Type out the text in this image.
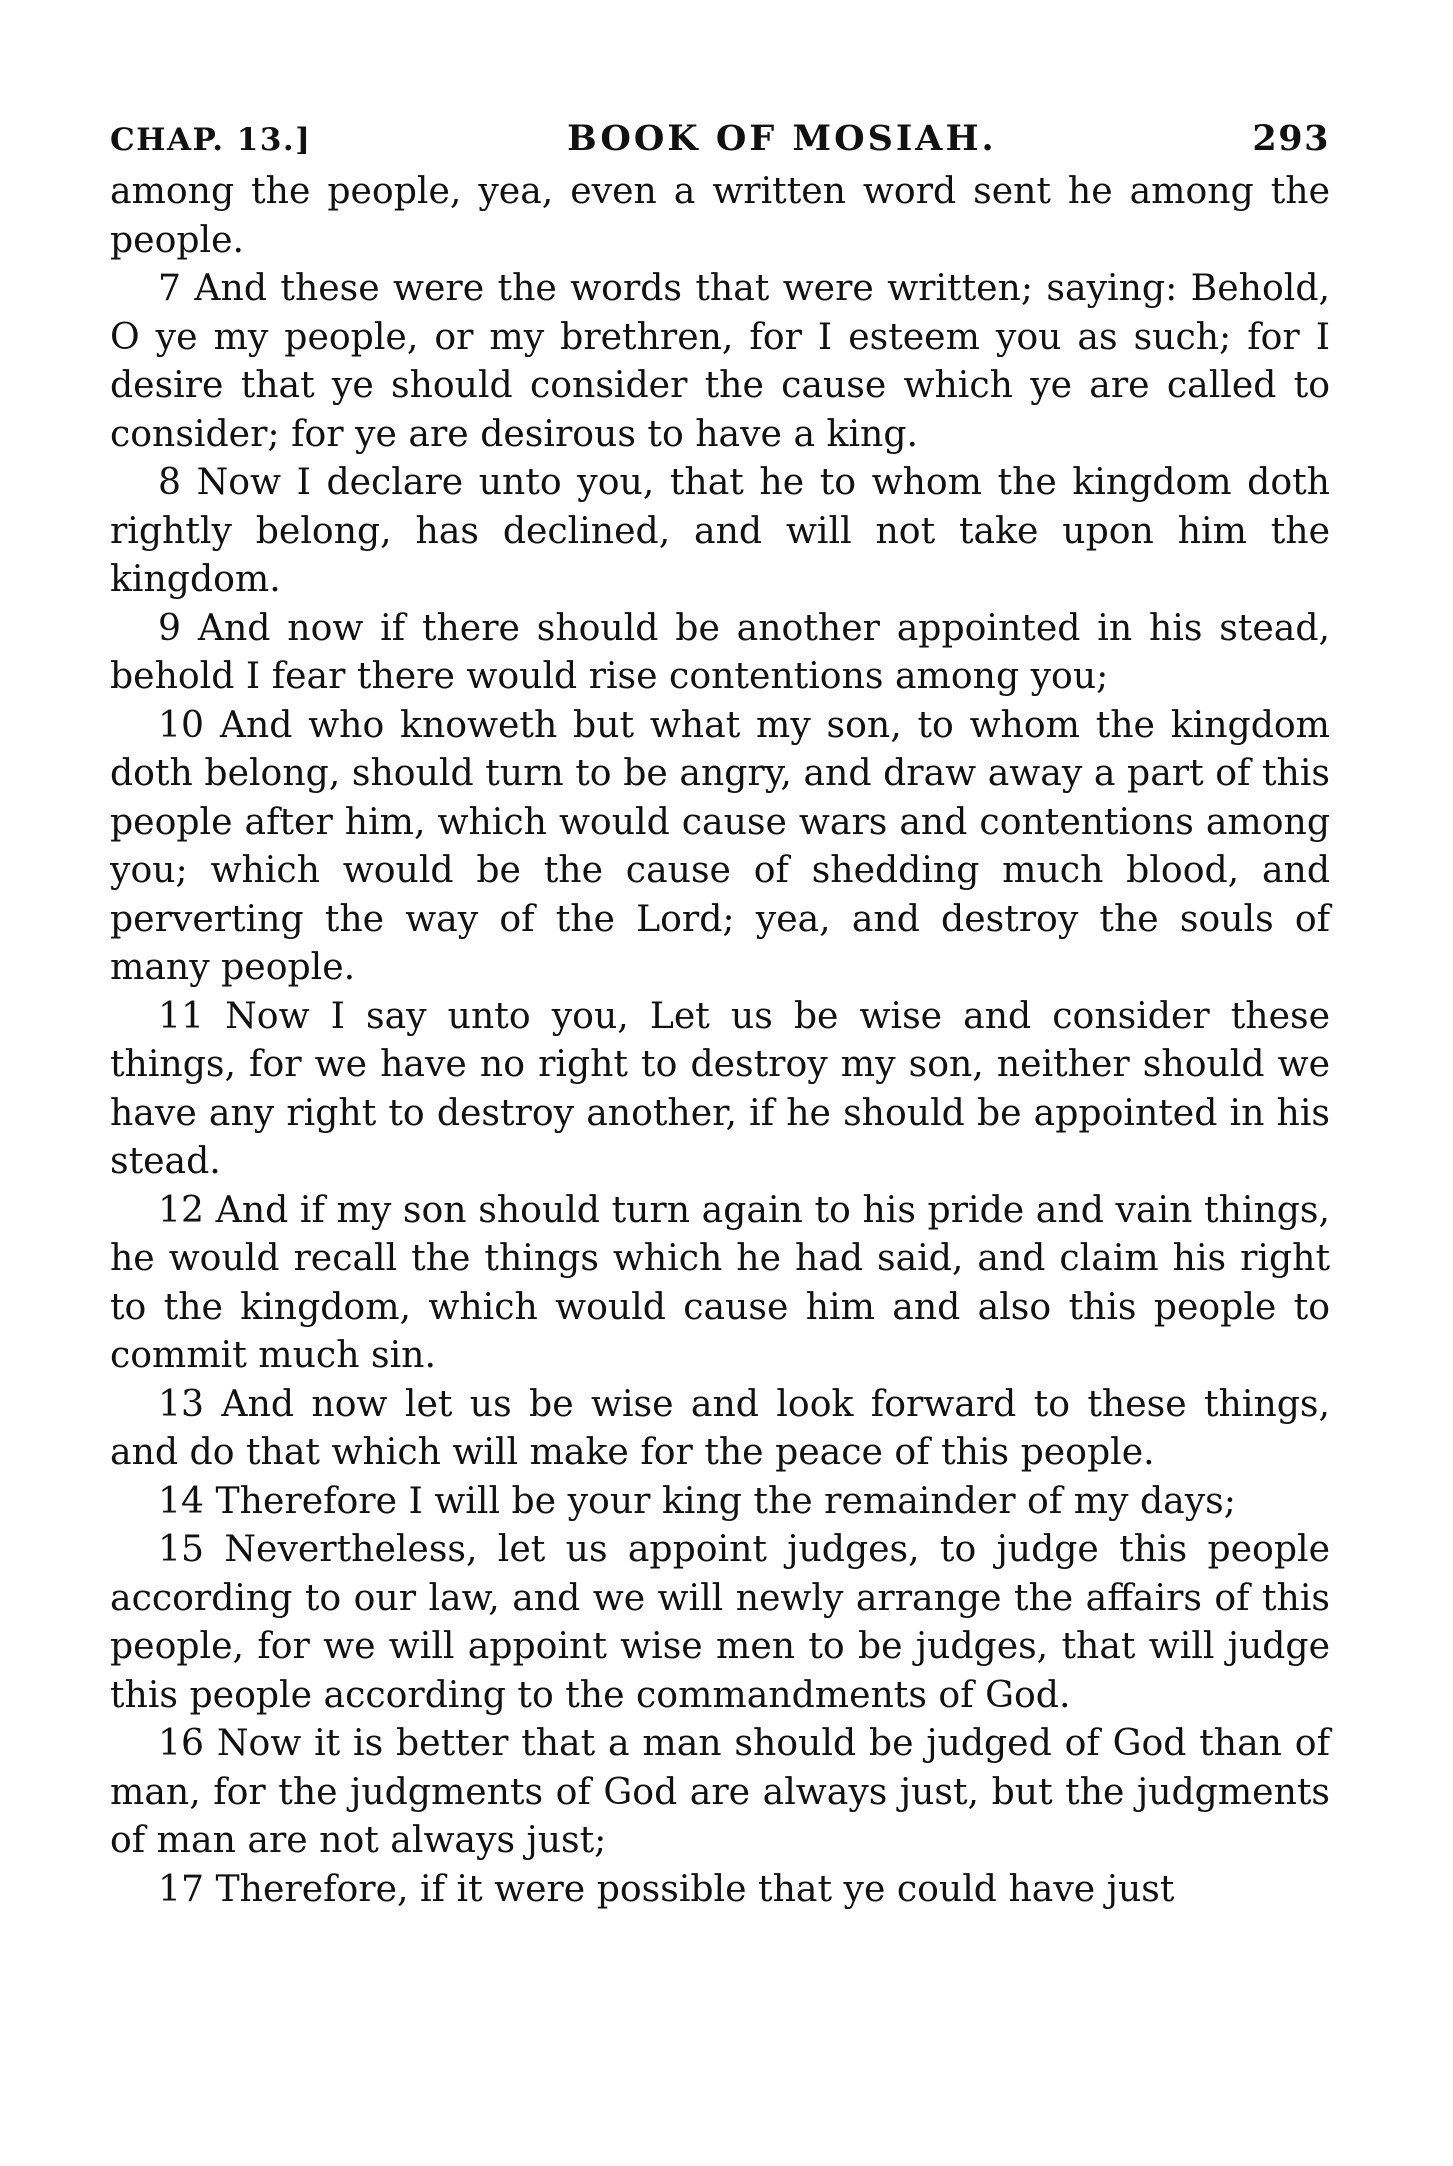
CHAP. 13.]	BOOK OF MOSIAH.	293

among the people, yea, even a written word sent he among the people.

7 And these were the words that were written; saying: Behold, O ye my people, or my brethren, for I esteem you as such; for I desire that ye should consider the cause which ye are called to consider; for ye are desirous to have a king.

8 Now I declare unto you, that he to whom the kingdom doth rightly belong, has declined, and will not take upon him the kingdom.

9 And now if there should be another appointed in his stead, behold I fear there would rise contentions among you;

10 And who knoweth but what my son, to whom the kingdom doth belong, should turn to be angry, and draw away a part of this people after him, which would cause wars and contentions among you; which would be the cause of shedding much blood, and perverting the way of the Lord; yea, and destroy the souls of many people.

11 Now I say unto you, Let us be wise and consider these things, for we have no right to destroy my son, neither should we have any right to destroy another, if he should be appointed in his stead.

12 And if my son should turn again to his pride and vain things, he would recall the things which he had said, and claim his right to the kingdom, which would cause him and also this people to commit much sin.

13 And now let us be wise and look forward to these things, and do that which will make for the peace of this people.

14 Therefore I will be your king the remainder of my days;

15 Nevertheless, let us appoint judges, to judge this people according to our law, and we will newly arrange the affairs of this people, for we will appoint wise men to be judges, that will judge this people according to the commandments of God.

16 Now it is better that a man should be judged of God than of man, for the judgments of God are always just, but the judgments of man are not always just;

17 Therefore, if it were possible that ye could have just
